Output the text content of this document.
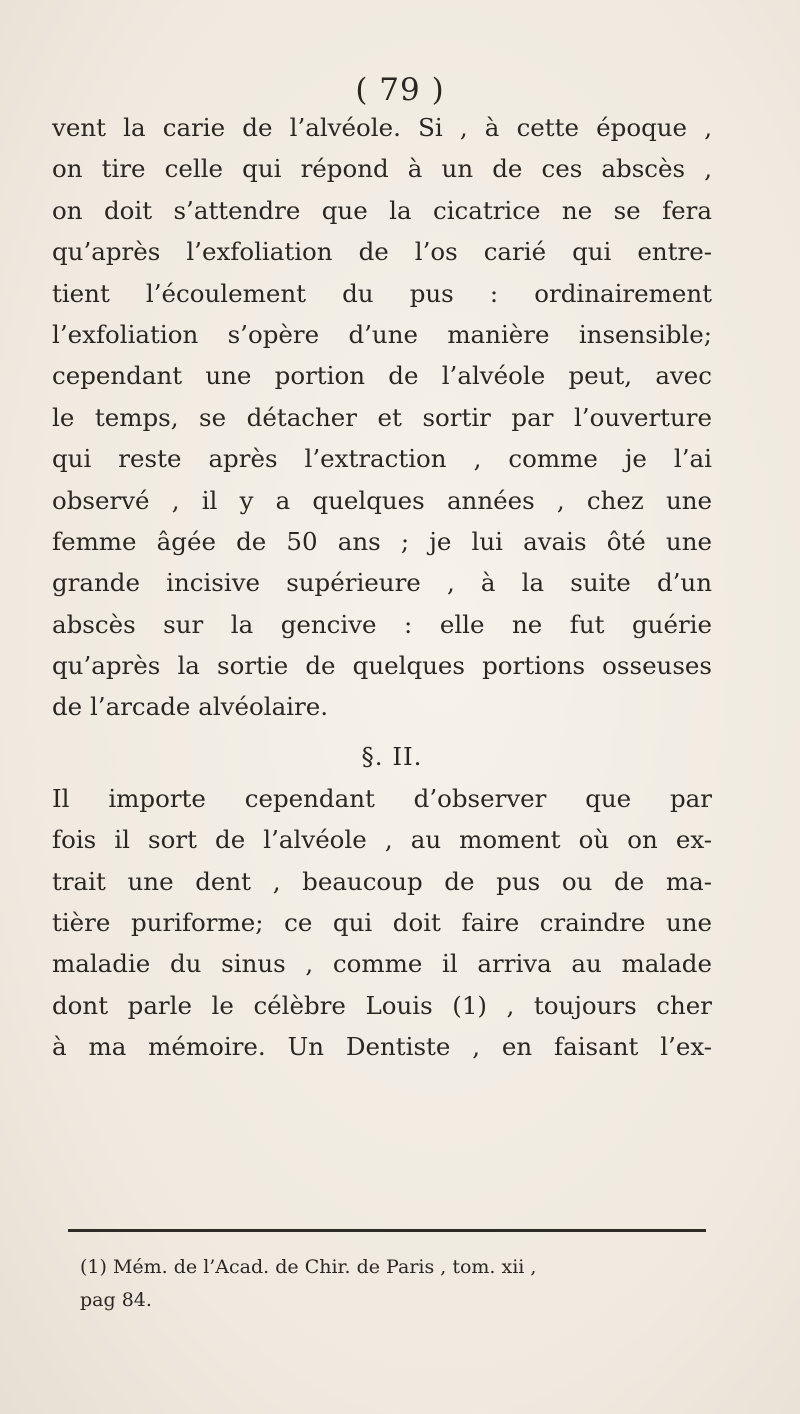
( 79 )
vent la carie de l’alvéole. Si , à cette époque ,
on tire celle qui répond à un de ces abscès ,
on doit s’attendre que la cicatrice ne se fera
qu’après l’exfoliation de l’os carié qui entre-
tient l’écoulement du pus : ordinairement
l’exfoliation s’opère d’une manière insensible;
cependant une portion de l’alvéole peut, avec
le temps, se détacher et sortir par l’ouverture
qui reste après l’extraction , comme je l’ai
observé , il y a quelques années , chez une
femme âgée de 50 ans ; je lui avais ôté une
grande incisive supérieure , à la suite d’un
abscès sur la gencive : elle ne fut guérie
qu’après la sortie de quelques portions osseuses
de l’arcade alvéolaire.
§. II.
Il importe cependant d’observer que par
fois il sort de l’alvéole , au moment où on ex-
trait une dent , beaucoup de pus ou de ma-
tière puriforme; ce qui doit faire craindre une
maladie du sinus , comme il arriva au malade
dont parle le célèbre Louis (1) , toujours cher
à ma mémoire. Un Dentiste , en faisant l’ex-
(1) Mém. de l’Acad. de Chir. de Paris , tom. xii ,
pag 84.
